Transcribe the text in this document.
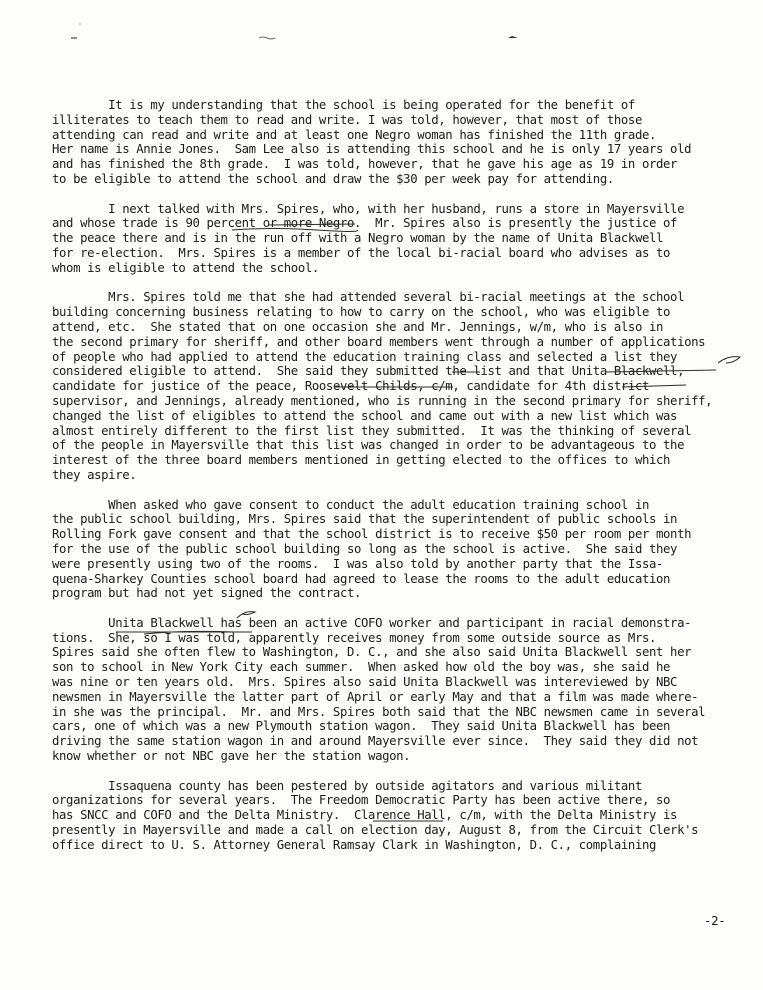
It is my understanding that the school is being operated for the benefit of
illiterates to teach them to read and write. I was told, however, that most of those
attending can read and write and at least one Negro woman has finished the 11th grade.
Her name is Annie Jones.  Sam Lee also is attending this school and he is only 17 years old
and has finished the 8th grade.  I was told, however, that he gave his age as 19 in order
to be eligible to attend the school and draw the $30 per week pay for attending.
I next talked with Mrs. Spires, who, with her husband, runs a store in Mayersville
and whose trade is 90 percent or more Negro.  Mr. Spires also is presently the justice of
the peace there and is in the run off with a Negro woman by the name of Unita Blackwell
for re-election.  Mrs. Spires is a member of the local bi-racial board who advises as to
whom is eligible to attend the school.
Mrs. Spires told me that she had attended several bi-racial meetings at the school
building concerning business relating to how to carry on the school, who was eligible to
attend, etc.  She stated that on one occasion she and Mr. Jennings, w/m, who is also in
the second primary for sheriff, and other board members went through a number of applications
of people who had applied to attend the education training class and selected a list they
considered eligible to attend.  She said they submitted the list and that Unita Blackwell,
candidate for justice of the peace, Roosevelt Childs, c/m, candidate for 4th district
supervisor, and Jennings, already mentioned, who is running in the second primary for sheriff,
changed the list of eligibles to attend the school and came out with a new list which was
almost entirely different to the first list they submitted.  It was the thinking of several
of the people in Mayersville that this list was changed in order to be advantageous to the
interest of the three board members mentioned in getting elected to the offices to which
they aspire.
When asked who gave consent to conduct the adult education training school in
the public school building, Mrs. Spires said that the superintendent of public schools in
Rolling Fork gave consent and that the school district is to receive $50 per room per month
for the use of the public school building so long as the school is active.  She said they
were presently using two of the rooms.  I was also told by another party that the Issa-
quena-Sharkey Counties school board had agreed to lease the rooms to the adult education
program but had not yet signed the contract.
Unita Blackwell has been an active COFO worker and participant in racial demonstra-
tions.  She, so I was told, apparently receives money from some outside source as Mrs.
Spires said she often flew to Washington, D. C., and she also said Unita Blackwell sent her
son to school in New York City each summer.  When asked how old the boy was, she said he
was nine or ten years old.  Mrs. Spires also said Unita Blackwell was intereviewed by NBC
newsmen in Mayersville the latter part of April or early May and that a film was made where-
in she was the principal.  Mr. and Mrs. Spires both said that the NBC newsmen came in several
cars, one of which was a new Plymouth station wagon.  They said Unita Blackwell has been
driving the same station wagon in and around Mayersville ever since.  They said they did not
know whether or not NBC gave her the station wagon.
Issaquena county has been pestered by outside agitators and various militant
organizations for several years.  The Freedom Democratic Party has been active there, so
has SNCC and COFO and the Delta Ministry.  Clarence Hall, c/m, with the Delta Ministry is
presently in Mayersville and made a call on election day, August 8, from the Circuit Clerk's
office direct to U. S. Attorney General Ramsay Clark in Washington, D. C., complaining
-2-
